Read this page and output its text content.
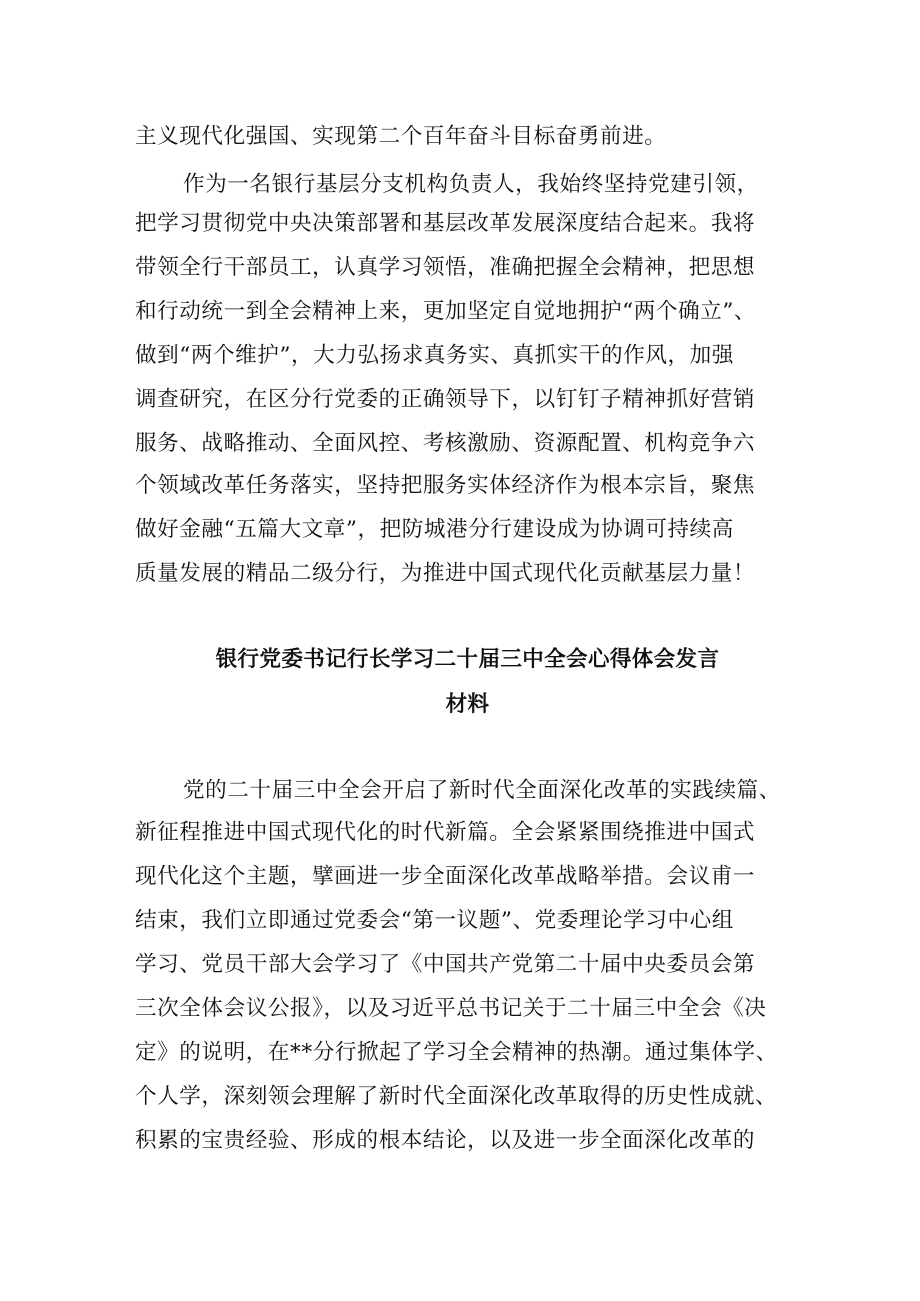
主义现代化强国、实现第二个百年奋斗目标奋勇前进。
作为一名银行基层分支机构负责人，我始终坚持党建引领，
把学习贯彻党中央决策部署和基层改革发展深度结合起来。我将
带领全行干部员工，认真学习领悟，准确把握全会精神，把思想
和行动统一到全会精神上来，更加坚定自觉地拥护“两个确立”、
做到“两个维护”，大力弘扬求真务实、真抓实干的作风，加强
调查研究，在区分行党委的正确领导下，以钉钉子精神抓好营销
服务、战略推动、全面风控、考核激励、资源配置、机构竞争六
个领域改革任务落实，坚持把服务实体经济作为根本宗旨，聚焦
做好金融“五篇大文章”，把防城港分行建设成为协调可持续高
质量发展的精品二级分行，为推进中国式现代化贡献基层力量！
银行党委书记行长学习二十届三中全会心得体会发言
材料
党的二十届三中全会开启了新时代全面深化改革的实践续篇、
新征程推进中国式现代化的时代新篇。全会紧紧围绕推进中国式
现代化这个主题，擘画进一步全面深化改革战略举措。会议甫一
结束，我们立即通过党委会“第一议题”、党委理论学习中心组
学习、党员干部大会学习了《中国共产党第二十届中央委员会第
三次全体会议公报》，以及习近平总书记关于二十届三中全会《决
定》的说明，在**分行掀起了学习全会精神的热潮。通过集体学、
个人学，深刻领会理解了新时代全面深化改革取得的历史性成就、
积累的宝贵经验、形成的根本结论，以及进一步全面深化改革的
